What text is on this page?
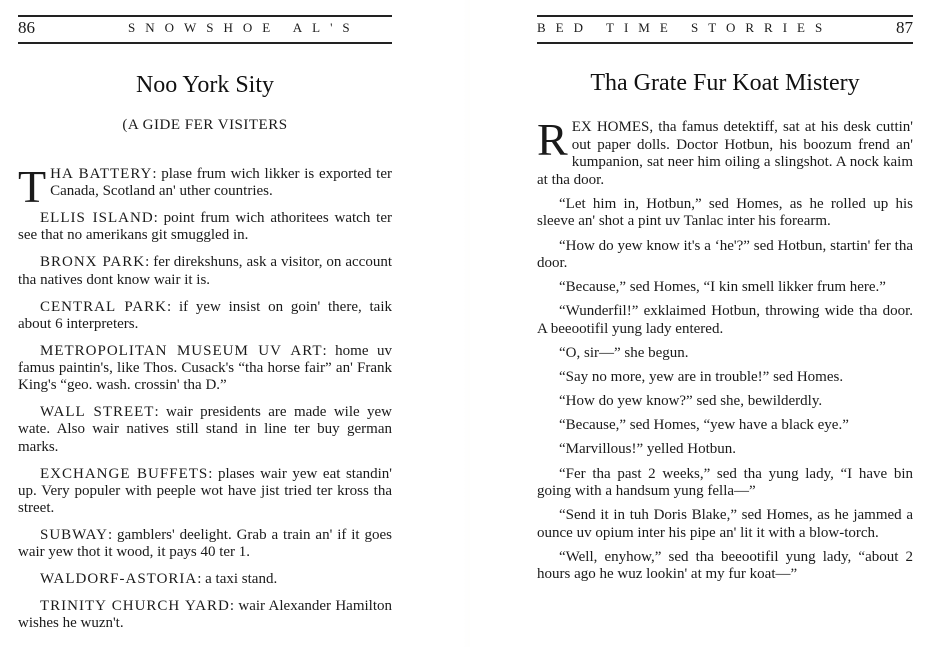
86	SNOWSHOE AL'S
Noo York Sity
(A GIDE FER VISITERS

THA BATTERY: plase frum wich likker is exported ter Canada, Scotland an' uther countries.

ELLIS ISLAND: point frum wich athoritees watch ter see that no amerikans git smuggled in.

BRONX PARK: fer direkshuns, ask a visitor, on account tha natives dont know wair it is.

CENTRAL PARK: if yew insist on goin' there, taik about 6 interpreters.

METROPOLITAN MUSEUM UV ART: home uv famus paintin's, like Thos. Cusack's “tha horse fair” an' Frank King's “geo. wash. crossin' tha D.”

WALL STREET: wair presidents are made wile yew wate. Also wair natives still stand in line ter buy german marks.

EXCHANGE BUFFETS: plases wair yew eat standin' up. Very populer with peeple wot have jist tried ter kross tha street.

SUBWAY: gamblers' deelight. Grab a train an' if it goes wair yew thot it wood, it pays 40 ter 1.

WALDORF-ASTORIA: a taxi stand.

TRINITY CHURCH YARD: wair Alexander Hamilton wishes he wuzn't.

BED TIME STORRIES	87
Tha Grate Fur Koat Mistery

REX HOMES, tha famus detektiff, sat at his desk cuttin' out paper dolls. Doctor Hotbun, his boozum frend an' kumpanion, sat neer him oiling a slingshot. A nock kaim at tha door.

“Let him in, Hotbun,” sed Homes, as he rolled up his sleeve an' shot a pint uv Tanlac inter his forearm.

“How do yew know it's a ‘he'?” sed Hotbun, startin' fer tha door.

“Because,” sed Homes, “I kin smell likker frum here.”

“Wunderfil!” exklaimed Hotbun, throwing wide tha door. A beeootifil yung lady entered.

“O, sir—” she begun.

“Say no more, yew are in trouble!” sed Homes.

“How do yew know?” sed she, bewilderdly.

“Because,” sed Homes, “yew have a black eye.”

“Marvillous!” yelled Hotbun.

“Fer tha past 2 weeks,” sed tha yung lady, “I have bin going with a handsum yung fella—”

“Send it in tuh Doris Blake,” sed Homes, as he jammed a ounce uv opium inter his pipe an' lit it with a blow-torch.

“Well, enyhow,” sed tha beeootifil yung lady, “about 2 hours ago he wuz lookin' at my fur koat—”
